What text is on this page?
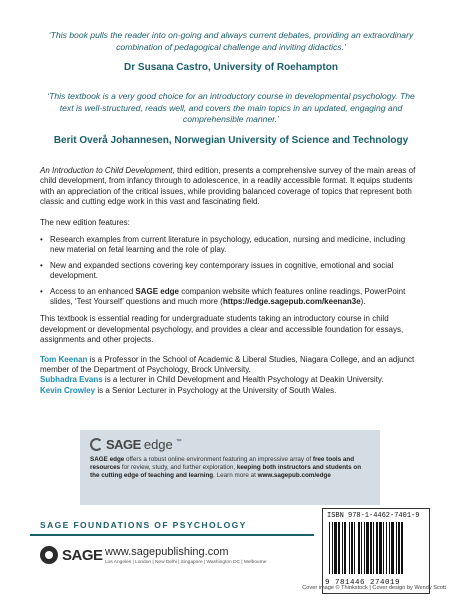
‘This book pulls the reader into on-going and always current debates, providing an extraordinary combination of pedagogical challenge and inviting didactics.’

Dr Susana Castro, University of Roehampton

‘This textbook is a very good choice for an introductory course in developmental psychology. The text is well-structured, reads well, and covers the main topics in an updated, engaging and comprehensible manner.’

Berit Overå Johannesen, Norwegian University of Science and Technology

An Introduction to Child Development, third edition, presents a comprehensive survey of the main areas of child development, from infancy through to adolescence, in a readily accessible format. It equips students with an appreciation of the critical issues, while providing balanced coverage of topics that represent both classic and cutting edge work in this vast and fascinating field.

The new edition features:

• Research examples from current literature in psychology, education, nursing and medicine, including new material on fetal learning and the role of play.
• New and expanded sections covering key contemporary issues in cognitive, emotional and social development.
• Access to an enhanced SAGE edge companion website which features online readings, PowerPoint slides, ‘Test Yourself’ questions and much more (https://edge.sagepub.com/keenan3e).

This textbook is essential reading for undergraduate students taking an introductory course in child development or developmental psychology, and provides a clear and accessible foundation for essays, assignments and other projects.

Tom Keenan is a Professor in the School of Academic & Liberal Studies, Niagara College, and an adjunct member of the Department of Psychology, Brock University.
Subhadra Evans is a lecturer in Child Development and Health Psychology at Deakin University.
Kevin Crowley is a Senior Lecturer in Psychology at the University of South Wales.

SAGE edge ™

SAGE edge offers a robust online environment featuring an impressive array of free tools and resources for review, study, and further exploration, keeping both instructors and students on the cutting edge of teaching and learning. Learn more at www.sagepub.com/edge

SAGE FOUNDATIONS OF PSYCHOLOGY
SAGE www.sagepublishing.com
Los Angeles | London | New Delhi | Singapore | Washington DC | Melbourne
ISBN 978-1-4462-7401-9
9 781446 274019
Cover image © Thinkstock | Cover design by Wendy Scott
